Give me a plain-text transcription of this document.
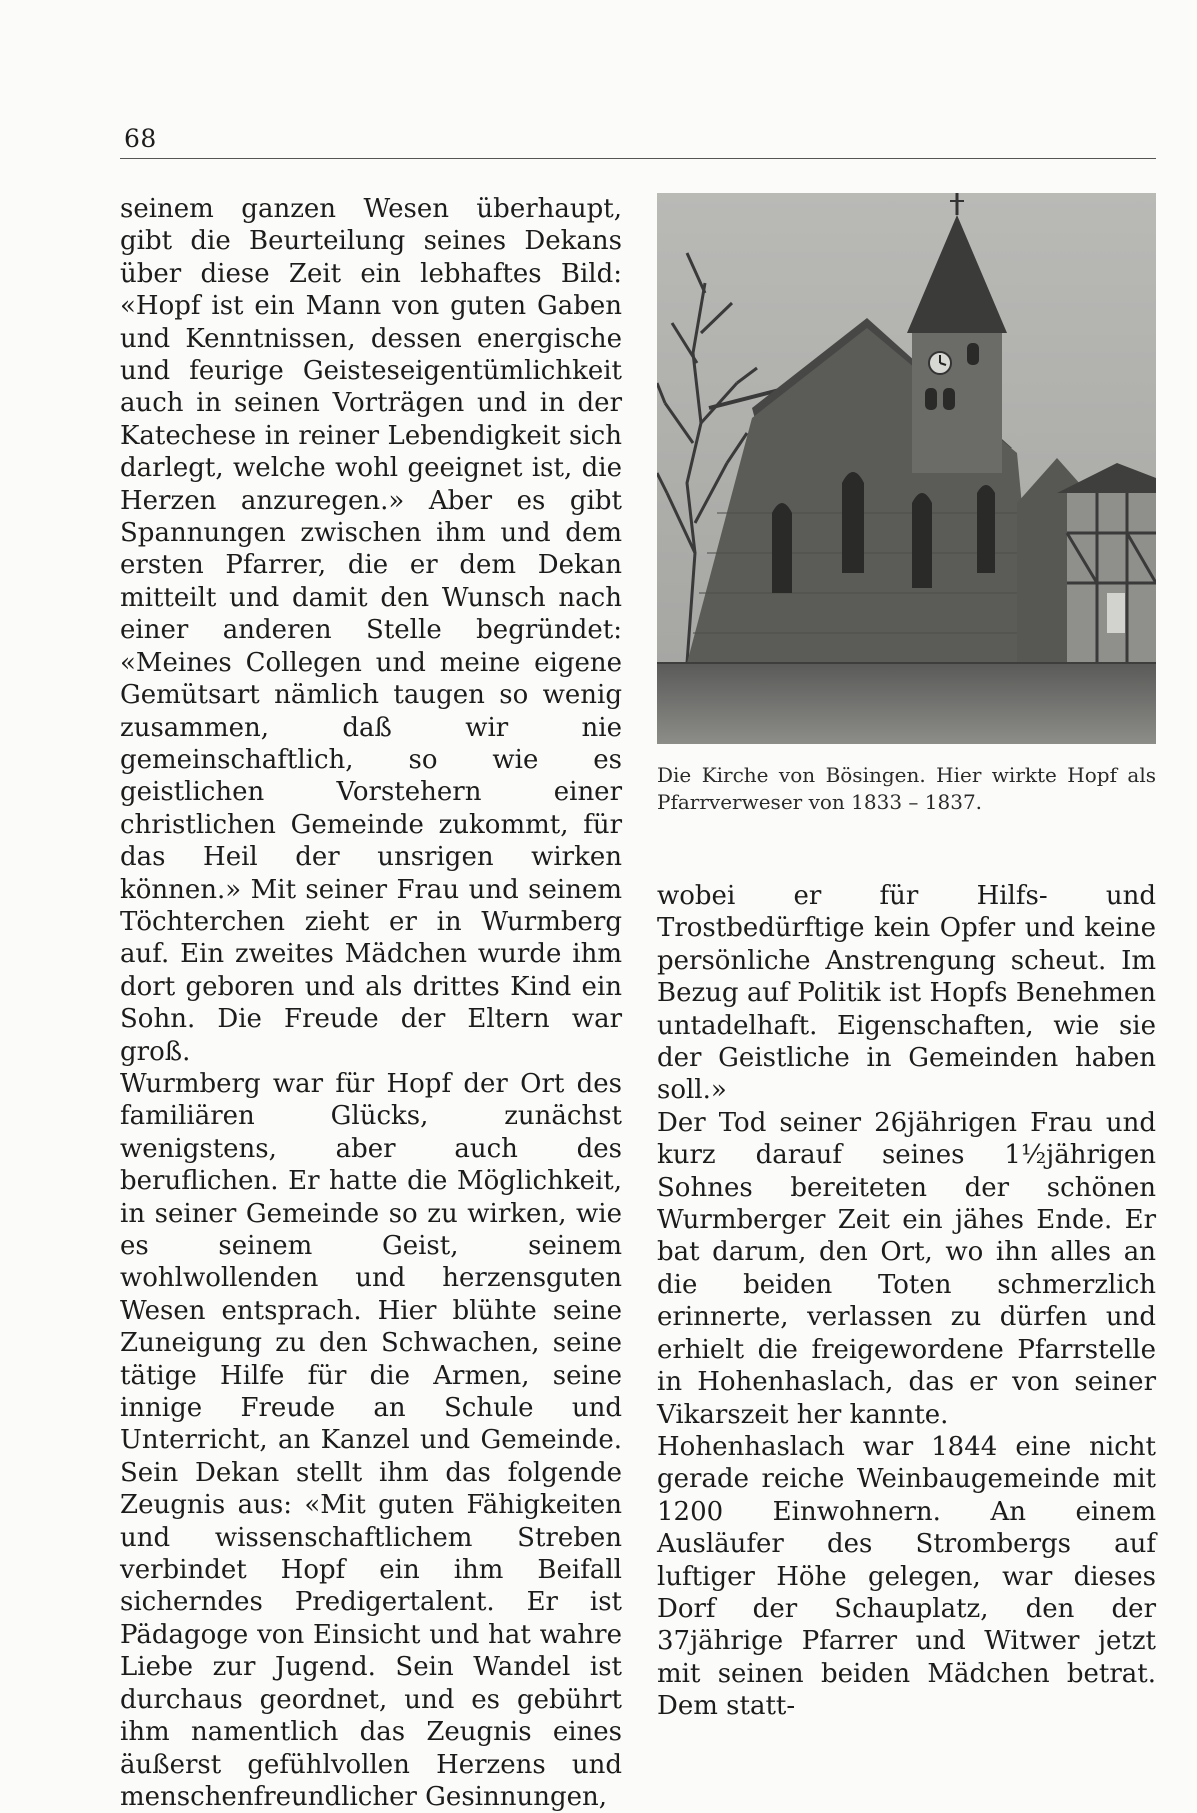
68

seinem ganzen Wesen überhaupt, gibt die Beurteilung seines Dekans über diese Zeit ein lebhaftes Bild: «Hopf ist ein Mann von guten Gaben und Kenntnissen, dessen energische und feurige Geisteseigentümlichkeit auch in seinen Vorträgen und in der Katechese in reiner Lebendigkeit sich darlegt, welche wohl geeignet ist, die Herzen anzuregen.» Aber es gibt Spannungen zwischen ihm und dem ersten Pfarrer, die er dem Dekan mitteilt und damit den Wunsch nach einer anderen Stelle begründet: «Meines Collegen und meine eigene Gemütsart nämlich taugen so wenig zusammen, daß wir nie gemeinschaftlich, so wie es geistlichen Vorstehern einer christlichen Gemeinde zukommt, für das Heil der unsrigen wirken können.» Mit seiner Frau und seinem Töchterchen zieht er in Wurmberg auf. Ein zweites Mädchen wurde ihm dort geboren und als drittes Kind ein Sohn. Die Freude der Eltern war groß.

Wurmberg war für Hopf der Ort des familiären Glücks, zunächst wenigstens, aber auch des beruflichen. Er hatte die Möglichkeit, in seiner Gemeinde so zu wirken, wie es seinem Geist, seinem wohlwollenden und herzensguten Wesen entsprach. Hier blühte seine Zuneigung zu den Schwachen, seine tätige Hilfe für die Armen, seine innige Freude an Schule und Unterricht, an Kanzel und Gemeinde. Sein Dekan stellt ihm das folgende Zeugnis aus: «Mit guten Fähigkeiten und wissenschaftlichem Streben verbindet Hopf ein ihm Beifall sicherndes Predigertalent. Er ist Pädagoge von Einsicht und hat wahre Liebe zur Jugend. Sein Wandel ist durchaus geordnet, und es gebührt ihm namentlich das Zeugnis eines äußerst gefühlvollen Herzens und menschenfreundlicher Gesinnungen,

Die Kirche von Bösingen. Hier wirkte Hopf als Pfarrverweser von 1833 – 1837.

wobei er für Hilfs- und Trostbedürftige kein Opfer und keine persönliche Anstrengung scheut. Im Bezug auf Politik ist Hopfs Benehmen untadelhaft. Eigenschaften, wie sie der Geistliche in Gemeinden haben soll.»

Der Tod seiner 26jährigen Frau und kurz darauf seines 1½jährigen Sohnes bereiteten der schönen Wurmberger Zeit ein jähes Ende. Er bat darum, den Ort, wo ihn alles an die beiden Toten schmerzlich erinnerte, verlassen zu dürfen und erhielt die freigewordene Pfarrstelle in Hohenhaslach, das er von seiner Vikarszeit her kannte.

Hohenhaslach war 1844 eine nicht gerade reiche Weinbaugemeinde mit 1200 Einwohnern. An einem Ausläufer des Strombergs auf luftiger Höhe gelegen, war dieses Dorf der Schauplatz, den der 37jährige Pfarrer und Witwer jetzt mit seinen beiden Mädchen betrat. Dem statt-
